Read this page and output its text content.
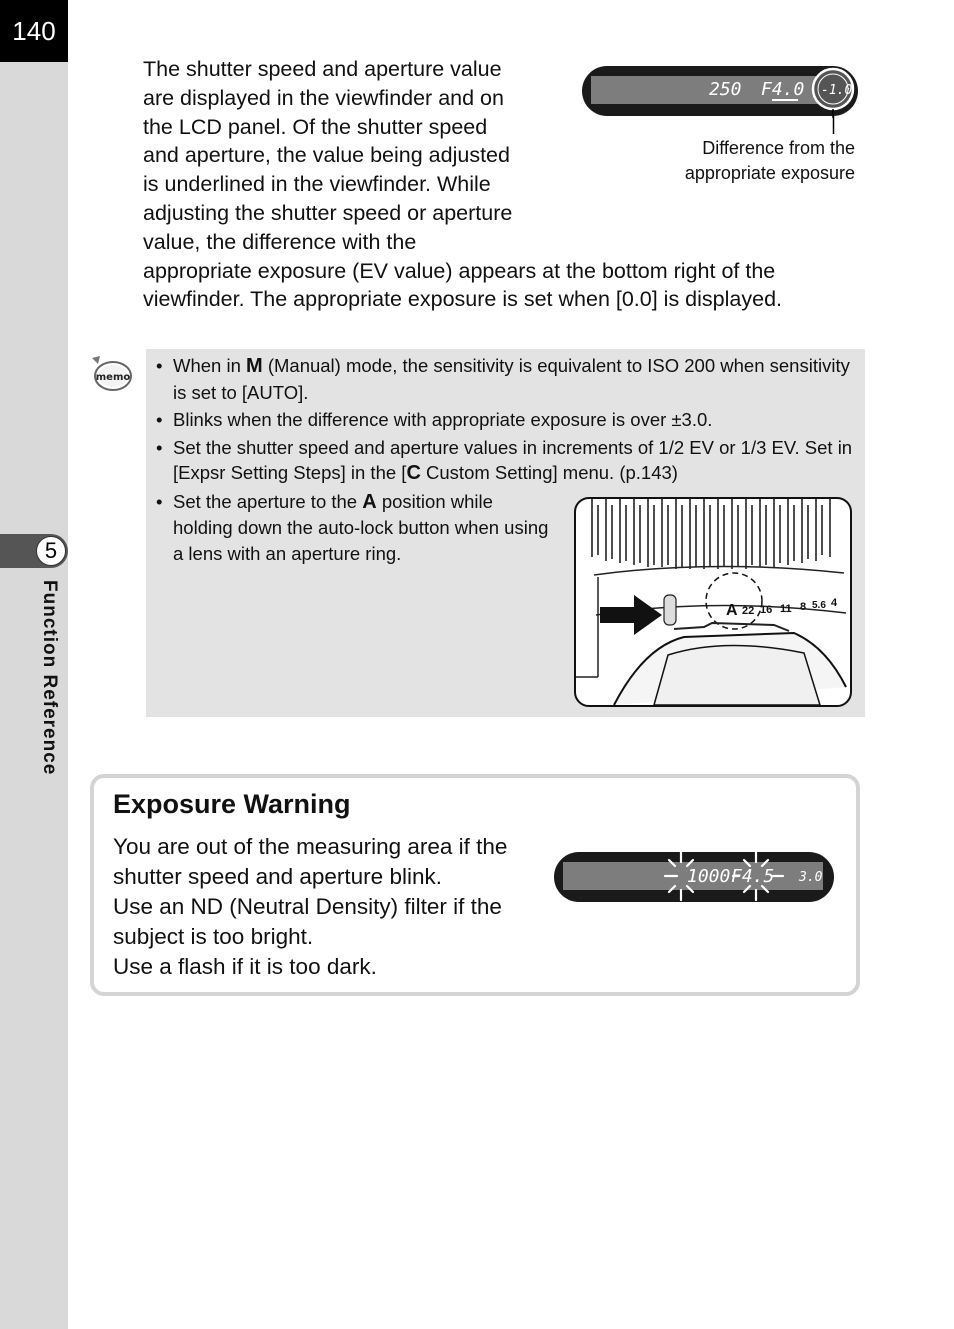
140
5
Function Reference
The shutter speed and aperture value
are displayed in the viewfinder and on
the LCD panel. Of the shutter speed
and aperture, the value being adjusted
is underlined in the viewfinder. While
adjusting the shutter speed or aperture
value, the difference with the
appropriate exposure (EV value) appears at the bottom right of the
viewfinder. The appropriate exposure is set when [0.0] is displayed.
250 F4.0 -1.0
Difference from the
appropriate exposure
memo
• When in M (Manual) mode, the sensitivity is equivalent to ISO 200 when sensitivity is set to [AUTO].
• Blinks when the difference with appropriate exposure is over ±3.0.
• Set the shutter speed and aperture values in increments of 1/2 EV or 1/3 EV. Set in [Expsr Setting Steps] in the [C Custom Setting] menu. (p.143)
• Set the aperture to the A position while holding down the auto-lock button when using a lens with an aperture ring.
A 22 16 11 8 5.6 4
Exposure Warning
You are out of the measuring area if the
shutter speed and aperture blink.
Use an ND (Neutral Density) filter if the
subject is too bright.
Use a flash if it is too dark.
1000 F4.5 3.0
